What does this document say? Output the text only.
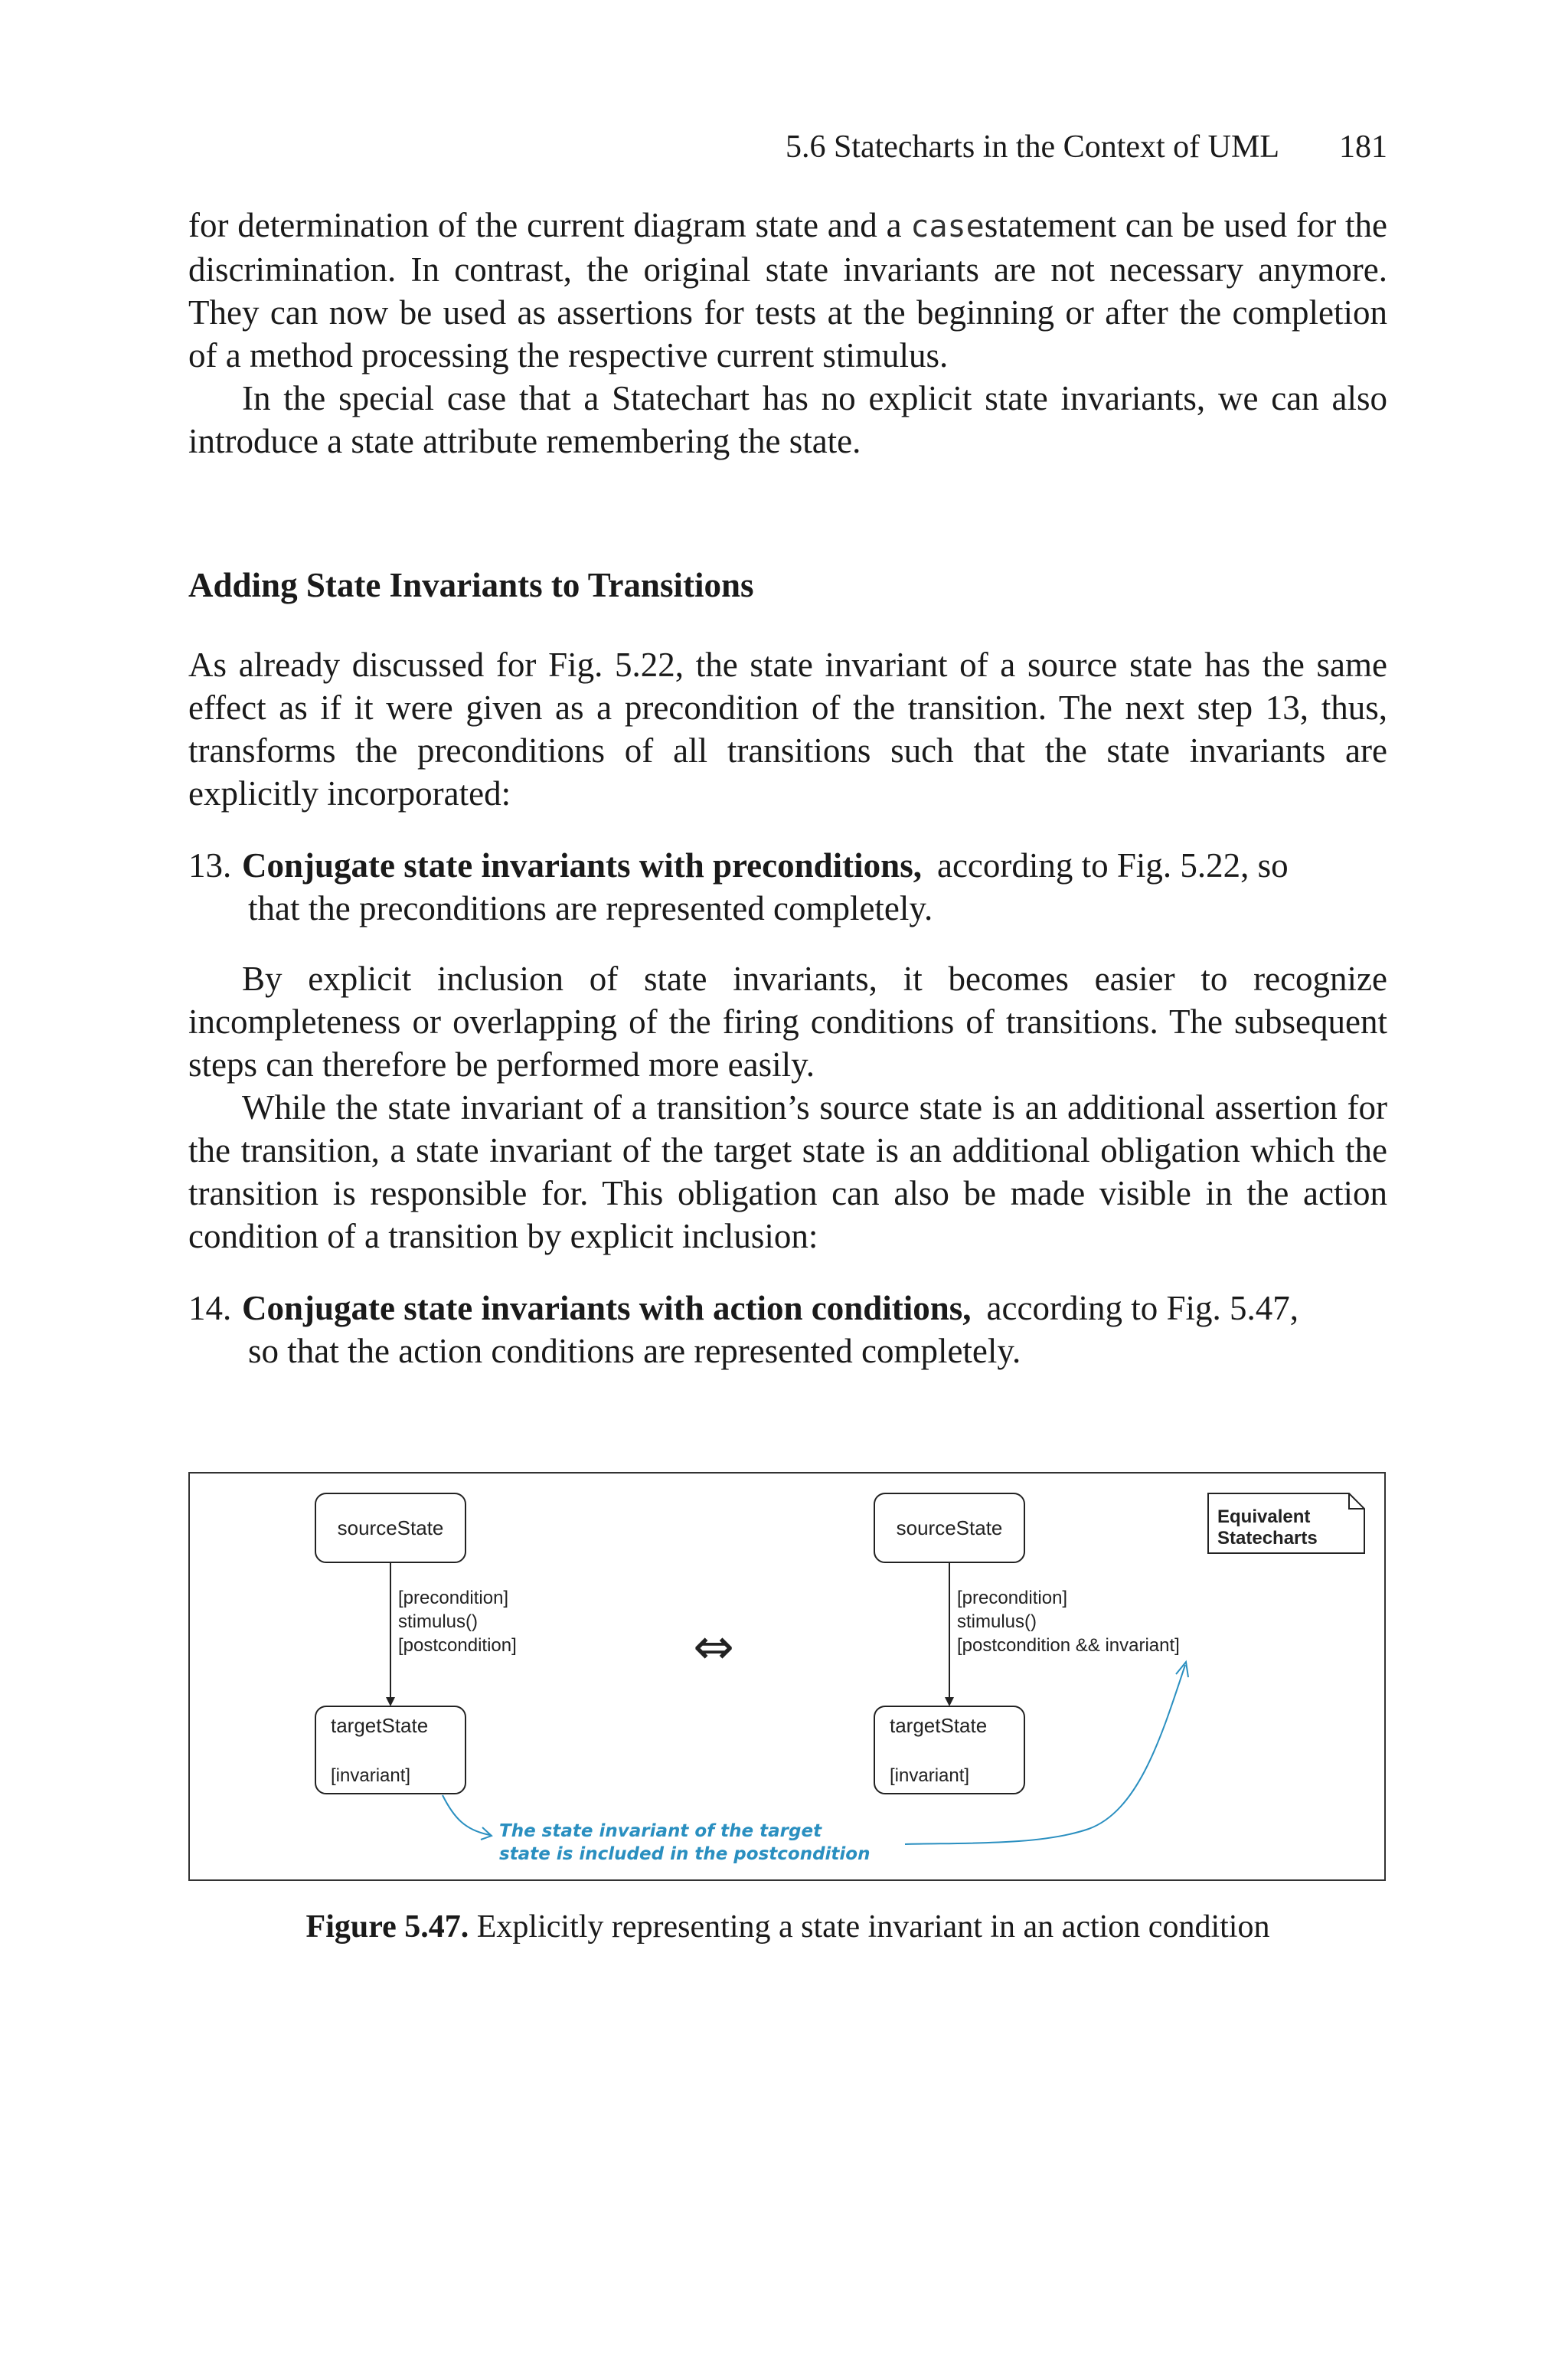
5.6 Statecharts in the Context of UML 181

for determination of the current diagram state and a casestatement can be used for the discrimination. In contrast, the original state invariants are not necessary anymore. They can now be used as assertions for tests at the beginning or after the completion of a method processing the respective current stimulus.

In the special case that a Statechart has no explicit state invariants, we can also introduce a state attribute remembering the state.

Adding State Invariants to Transitions

As already discussed for Fig. 5.22, the state invariant of a source state has the same effect as if it were given as a precondition of the transition. The next step 13, thus, transforms the preconditions of all transitions such that the state invariants are explicitly incorporated:

13. Conjugate state invariants with preconditions, according to Fig. 5.22, so
that the preconditions are represented completely.

By explicit inclusion of state invariants, it becomes easier to recognize incompleteness or overlapping of the firing conditions of transitions. The subsequent steps can therefore be performed more easily.

While the state invariant of a transition’s source state is an additional assertion for the transition, a state invariant of the target state is an additional obligation which the transition is responsible for. This obligation can also be made visible in the action condition of a transition by explicit inclusion:

14. Conjugate state invariants with action conditions, according to Fig. 5.47,
so that the action conditions are represented completely.
sourceState
[precondition]
stimulus()
[postcondition]
targetState
[invariant]
⇔
sourceState
[precondition]
stimulus()
[postcondition && invariant]
targetState
[invariant]
Equivalent
Statecharts
The state invariant of the target
state is included in the postcondition
Figure 5.47. Explicitly representing a state invariant in an action condition
